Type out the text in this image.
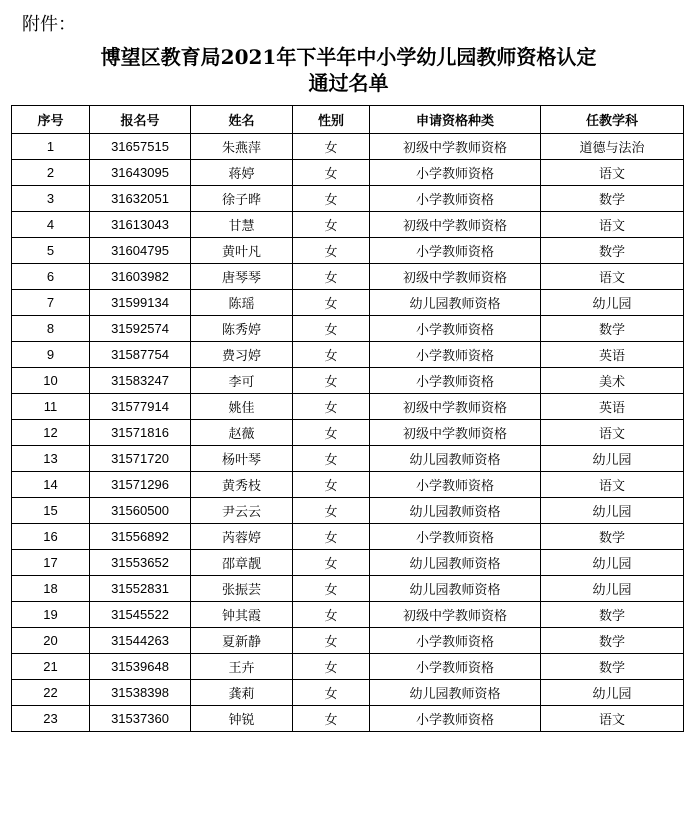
附件：
博望区教育局2021年下半年中小学幼儿园教师资格认定
通过名单
序号	报名号	姓名	性别	申请资格种类	任教学科
1	31657515	朱燕萍	女	初级中学教师资格	道德与法治
2	31643095	蒋婷	女	小学教师资格	语文
3	31632051	徐子晔	女	小学教师资格	数学
4	31613043	甘慧	女	初级中学教师资格	语文
5	31604795	黄叶凡	女	小学教师资格	数学
6	31603982	唐琴琴	女	初级中学教师资格	语文
7	31599134	陈瑶	女	幼儿园教师资格	幼儿园
8	31592574	陈秀婷	女	小学教师资格	数学
9	31587754	费习婷	女	小学教师资格	英语
10	31583247	李可	女	小学教师资格	美术
11	31577914	姚佳	女	初级中学教师资格	英语
12	31571816	赵薇	女	初级中学教师资格	语文
13	31571720	杨叶琴	女	幼儿园教师资格	幼儿园
14	31571296	黄秀枝	女	小学教师资格	语文
15	31560500	尹云云	女	幼儿园教师资格	幼儿园
16	31556892	芮蓉婷	女	小学教师资格	数学
17	31553652	邵章靓	女	幼儿园教师资格	幼儿园
18	31552831	张振芸	女	幼儿园教师资格	幼儿园
19	31545522	钟其霞	女	初级中学教师资格	数学
20	31544263	夏新静	女	小学教师资格	数学
21	31539648	王卉	女	小学教师资格	数学
22	31538398	龚莉	女	幼儿园教师资格	幼儿园
23	31537360	钟锐	女	小学教师资格	语文
